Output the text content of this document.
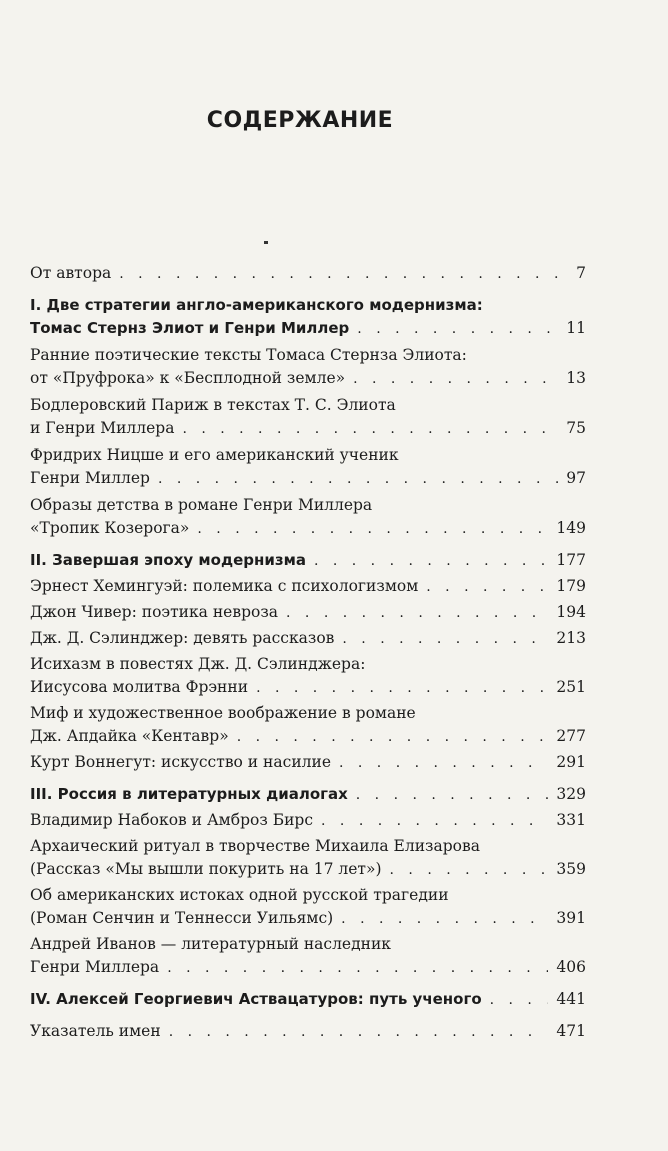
СОДЕРЖАНИЕ
От автора . . .	7
I. Две стратегии англо-американского модернизма:
Томас Стернз Элиот и Генри Миллер . . .	11
Ранние поэтические тексты Томаса Стернза Элиота:
от «Пруфрока» к «Бесплодной земле» . . .	13
Бодлеровский Париж в текстах Т. С. Элиота
и Генри Миллера . . .	75
Фридрих Ницше и его американский ученик
Генри Миллер . . .	97
Образы детства в романе Генри Миллера
«Тропик Козерога» . . .	149
II. Завершая эпоху модернизма . . .	177
Эрнест Хемингуэй: полемика с психологизмом . . .	179
Джон Чивер: поэтика невроза . . .	194
Дж. Д. Сэлинджер: девять рассказов . . .	213
Исихазм в повестях Дж. Д. Сэлинджера:
Иисусова молитва Фрэнни . . .	251
Миф и художественное воображение в романе
Дж. Апдайка «Кентавр» . . .	277
Курт Воннегут: искусство и насилие . . .	291
III. Россия в литературных диалогах . . .	329
Владимир Набоков и Амброз Бирс . . .	331
Архаический ритуал в творчестве Михаила Елизарова
(Рассказ «Мы вышли покурить на 17 лет») . . .	359
Об американских истоках одной русской трагедии
(Роман Сенчин и Теннесси Уильямс) . . .	391
Андрей Иванов — литературный наследник
Генри Миллера . . .	406
IV. Алексей Георгиевич Аствацатуров: путь ученого . . .	441
Указатель имен . . .	471
